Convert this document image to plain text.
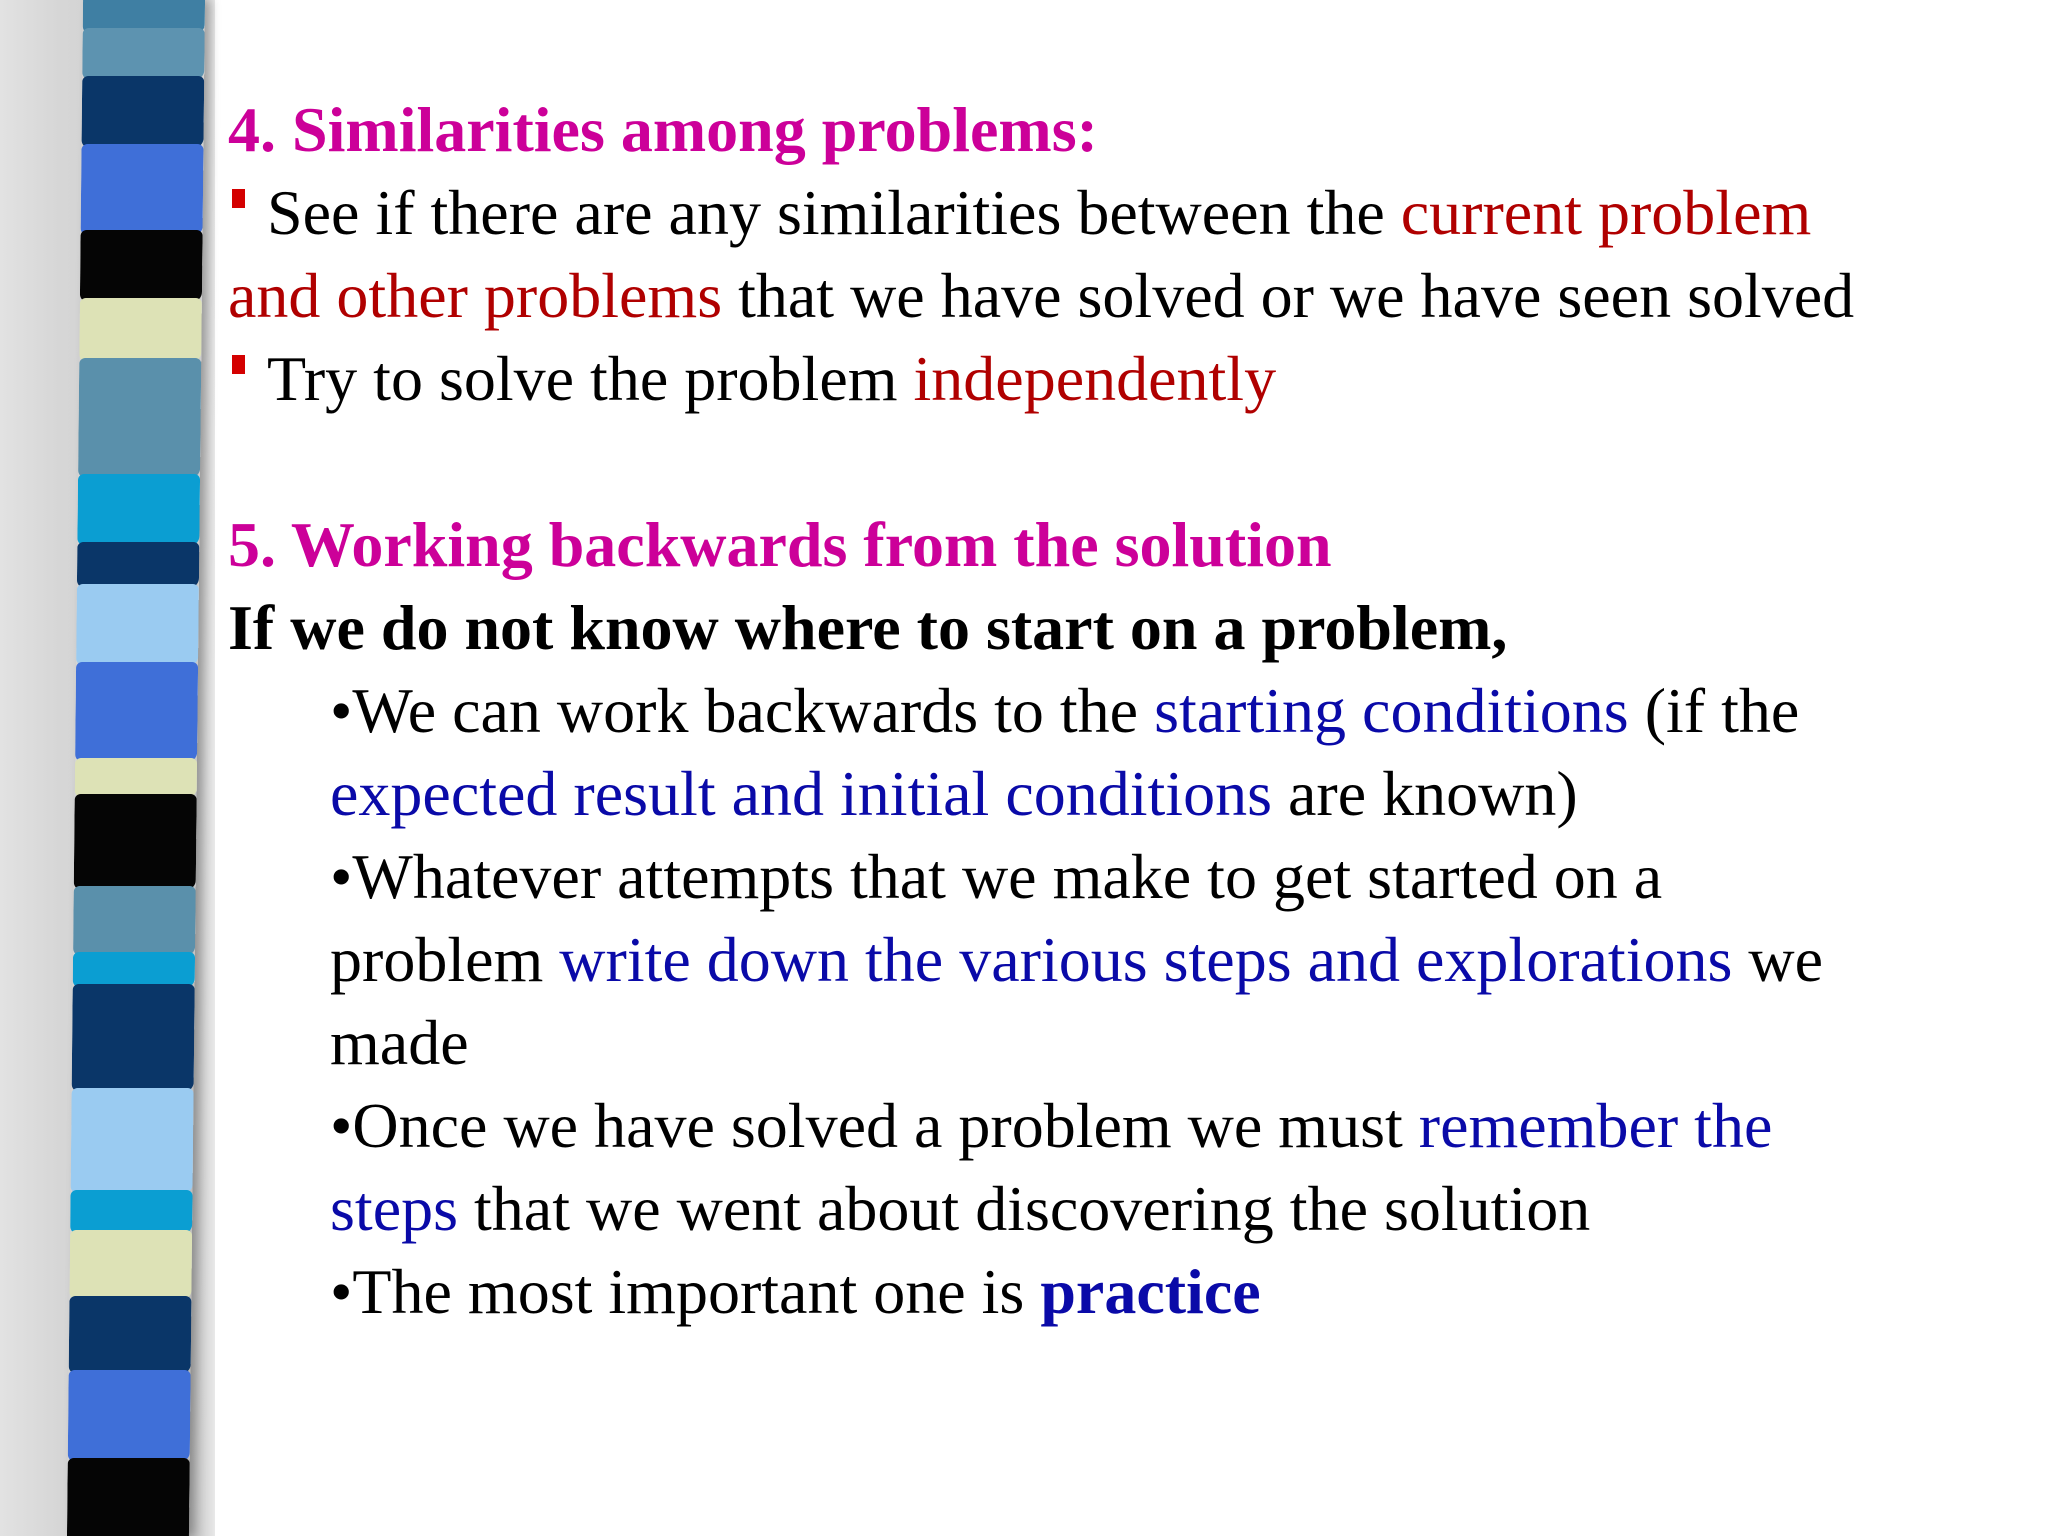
4. Similarities among problems:
See if there are any similarities between the current problem
and other problems that we have solved or we have seen solved
Try to solve the problem independently
5. Working backwards from the solution
If we do not know where to start on a problem,
•We can work backwards to the starting conditions (if the
expected result and initial conditions are known)
•Whatever attempts that we make to get started on a
problem write down the various steps and explorations we
made
•Once we have solved a problem we must remember the
steps that we went about discovering the solution
•The most important one is practice
